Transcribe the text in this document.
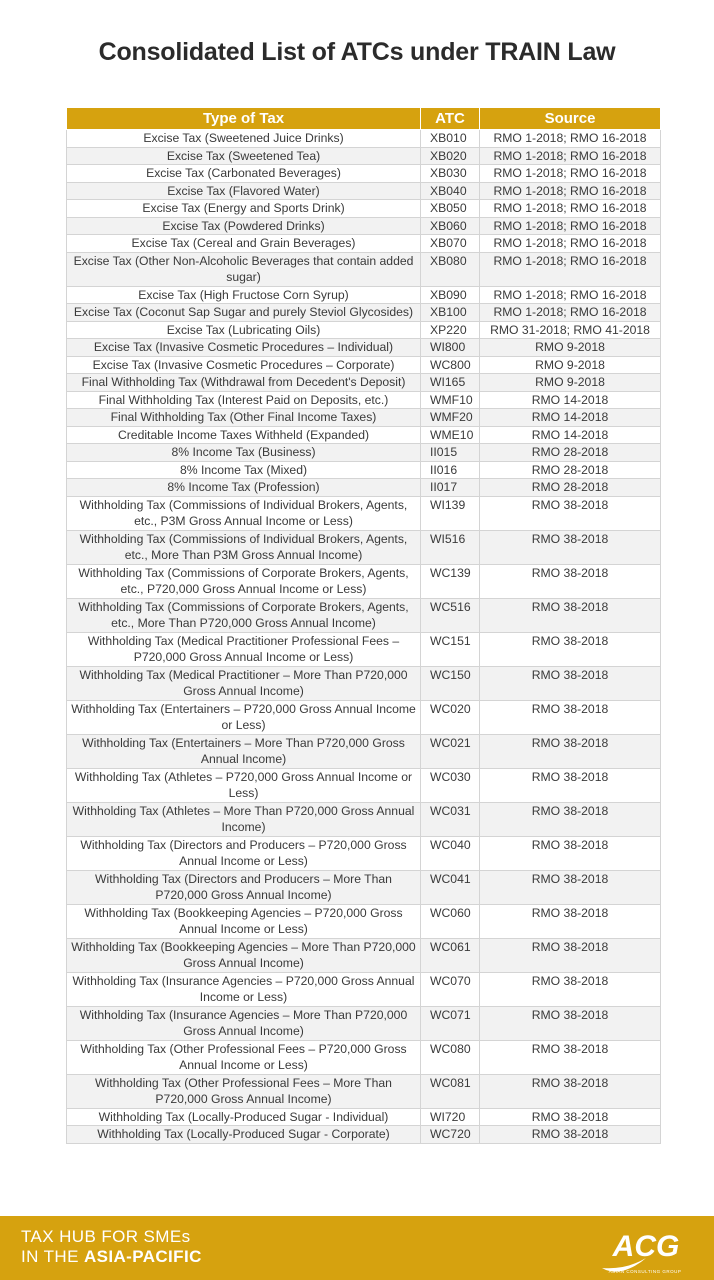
Consolidated List of ATCs under TRAIN Law
Type of Tax	ATC	Source
Excise Tax (Sweetened Juice Drinks)	XB010	RMO 1-2018; RMO 16-2018
Excise Tax (Sweetened Tea)	XB020	RMO 1-2018; RMO 16-2018
Excise Tax (Carbonated Beverages)	XB030	RMO 1-2018; RMO 16-2018
Excise Tax (Flavored Water)	XB040	RMO 1-2018; RMO 16-2018
Excise Tax (Energy and Sports Drink)	XB050	RMO 1-2018; RMO 16-2018
Excise Tax (Powdered Drinks)	XB060	RMO 1-2018; RMO 16-2018
Excise Tax (Cereal and Grain Beverages)	XB070	RMO 1-2018; RMO 16-2018
Excise Tax (Other Non-Alcoholic Beverages that contain added sugar)	XB080	RMO 1-2018; RMO 16-2018
Excise Tax (High Fructose Corn Syrup)	XB090	RMO 1-2018; RMO 16-2018
Excise Tax (Coconut Sap Sugar and purely Steviol Glycosides)	XB100	RMO 1-2018; RMO 16-2018
Excise Tax (Lubricating Oils)	XP220	RMO 31-2018; RMO 41-2018
Excise Tax (Invasive Cosmetic Procedures – Individual)	WI800	RMO 9-2018
Excise Tax (Invasive Cosmetic Procedures – Corporate)	WC800	RMO 9-2018
Final Withholding Tax (Withdrawal from Decedent's Deposit)	WI165	RMO 9-2018
Final Withholding Tax (Interest Paid on Deposits, etc.)	WMF10	RMO 14-2018
Final Withholding Tax (Other Final Income Taxes)	WMF20	RMO 14-2018
Creditable Income Taxes Withheld (Expanded)	WME10	RMO 14-2018
8% Income Tax (Business)	II015	RMO 28-2018
8% Income Tax (Mixed)	II016	RMO 28-2018
8% Income Tax (Profession)	II017	RMO 28-2018
Withholding Tax (Commissions of Individual Brokers, Agents, etc., P3M Gross Annual Income or Less)	WI139	RMO 38-2018
Withholding Tax (Commissions of Individual Brokers, Agents, etc., More Than P3M Gross Annual Income)	WI516	RMO 38-2018
Withholding Tax (Commissions of Corporate Brokers, Agents, etc., P720,000 Gross Annual Income or Less)	WC139	RMO 38-2018
Withholding Tax (Commissions of Corporate Brokers, Agents, etc., More Than P720,000 Gross Annual Income)	WC516	RMO 38-2018
Withholding Tax (Medical Practitioner Professional Fees – P720,000 Gross Annual Income or Less)	WC151	RMO 38-2018
Withholding Tax (Medical Practitioner – More Than P720,000 Gross Annual Income)	WC150	RMO 38-2018
Withholding Tax (Entertainers – P720,000 Gross Annual Income or Less)	WC020	RMO 38-2018
Withholding Tax (Entertainers – More Than P720,000 Gross Annual Income)	WC021	RMO 38-2018
Withholding Tax (Athletes – P720,000 Gross Annual Income or Less)	WC030	RMO 38-2018
Withholding Tax (Athletes – More Than P720,000 Gross Annual Income)	WC031	RMO 38-2018
Withholding Tax (Directors and Producers – P720,000 Gross Annual Income or Less)	WC040	RMO 38-2018
Withholding Tax (Directors and Producers – More Than P720,000 Gross Annual Income)	WC041	RMO 38-2018
Withholding Tax (Bookkeeping Agencies – P720,000 Gross Annual Income or Less)	WC060	RMO 38-2018
Withholding Tax (Bookkeeping Agencies – More Than P720,000 Gross Annual Income)	WC061	RMO 38-2018
Withholding Tax (Insurance Agencies – P720,000 Gross Annual Income or Less)	WC070	RMO 38-2018
Withholding Tax (Insurance Agencies – More Than P720,000 Gross Annual Income)	WC071	RMO 38-2018
Withholding Tax (Other Professional Fees – P720,000 Gross Annual Income or Less)	WC080	RMO 38-2018
Withholding Tax (Other Professional Fees – More Than P720,000 Gross Annual Income)	WC081	RMO 38-2018
Withholding Tax (Locally-Produced Sugar - Individual)	WI720	RMO 38-2018
Withholding Tax (Locally-Produced Sugar - Corporate)	WC720	RMO 38-2018
TAX HUB FOR SMEs
IN THE ASIA-PACIFIC	ACG
ASIAN CONSULTING GROUP
